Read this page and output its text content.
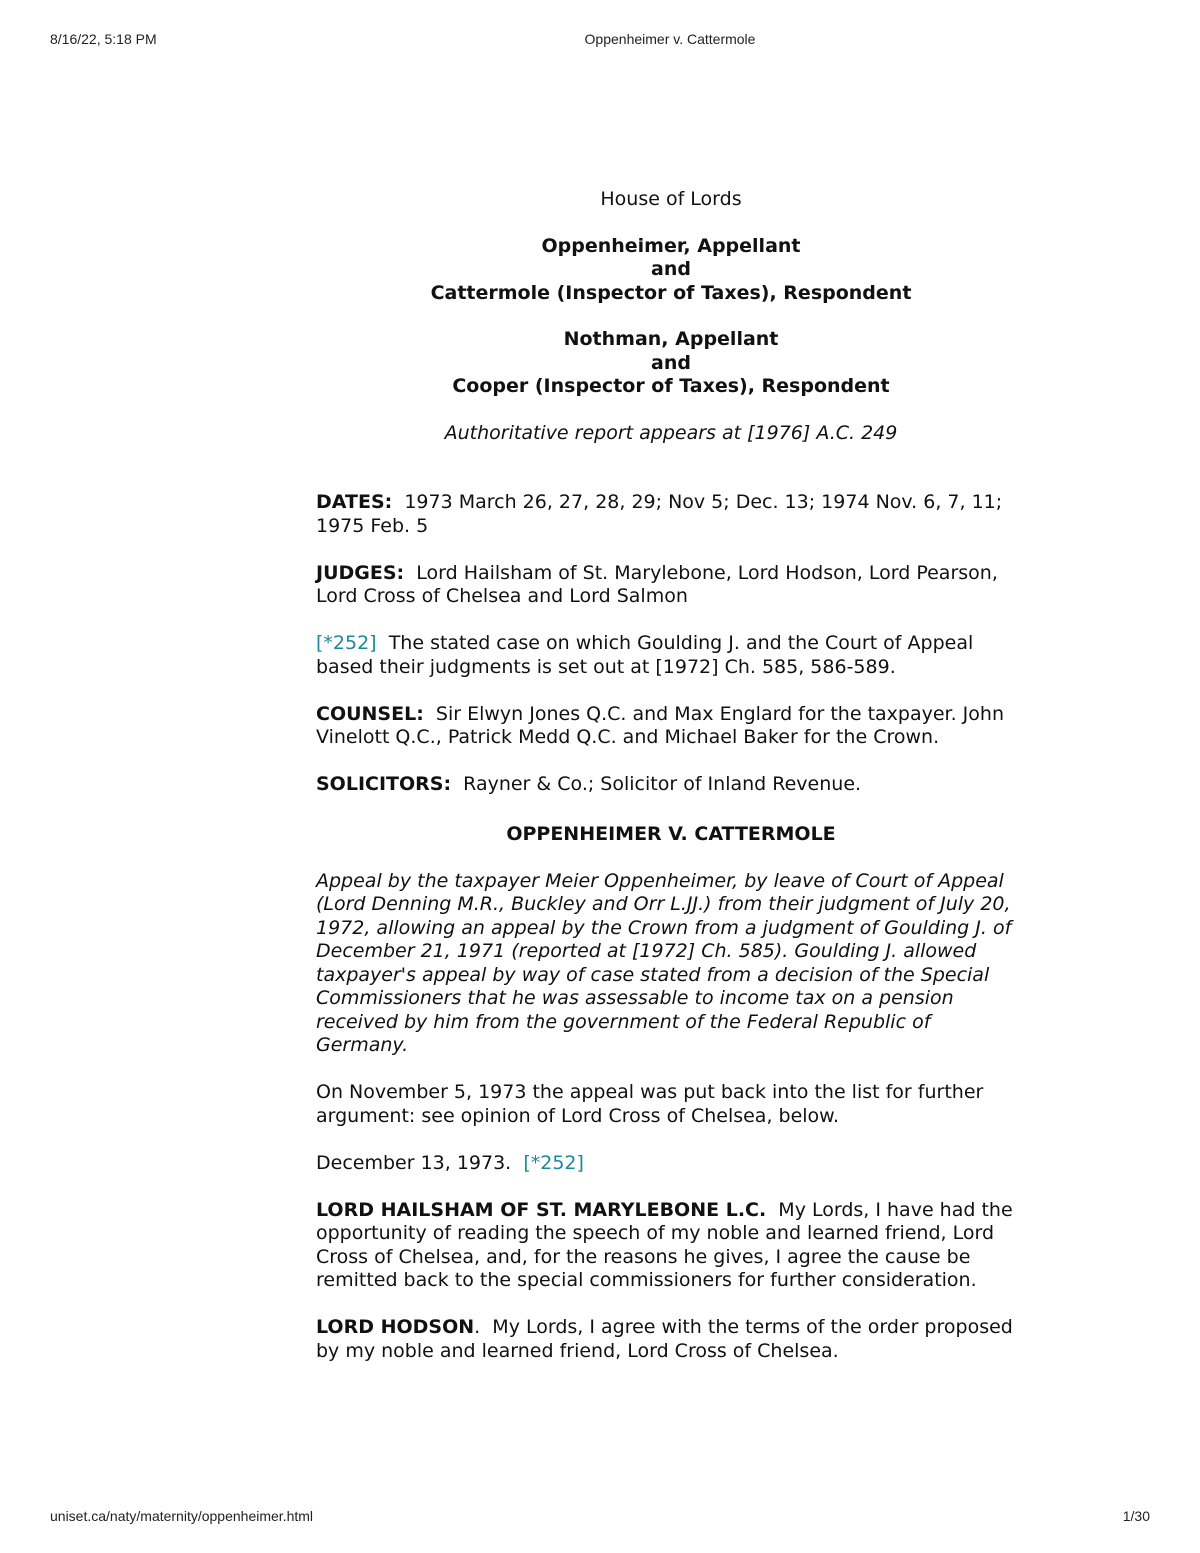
8/16/22, 5:18 PM	Oppenheimer v. Cattermole
House of Lords
Oppenheimer, Appellant
and
Cattermole (Inspector of Taxes), Respondent
Nothman, Appellant
and
Cooper (Inspector of Taxes), Respondent
Authoritative report appears at [1976] A.C. 249

DATES: 1973 March 26, 27, 28, 29; Nov 5; Dec. 13; 1974 Nov. 6, 7, 11; 1975 Feb. 5

JUDGES: Lord Hailsham of St. Marylebone, Lord Hodson, Lord Pearson, Lord Cross of Chelsea and Lord Salmon

[*252] The stated case on which Goulding J. and the Court of Appeal based their judgments is set out at [1972] Ch. 585, 586-589.

COUNSEL: Sir Elwyn Jones Q.C. and Max Englard for the taxpayer. John Vinelott Q.C., Patrick Medd Q.C. and Michael Baker for the Crown.

SOLICITORS: Rayner & Co.; Solicitor of Inland Revenue.

OPPENHEIMER V. CATTERMOLE

Appeal by the taxpayer Meier Oppenheimer, by leave of Court of Appeal (Lord Denning M.R., Buckley and Orr L.JJ.) from their judgment of July 20, 1972, allowing an appeal by the Crown from a judgment of Goulding J. of December 21, 1971 (reported at [1972] Ch. 585). Goulding J. allowed taxpayer's appeal by way of case stated from a decision of the Special Commissioners that he was assessable to income tax on a pension received by him from the government of the Federal Republic of Germany.

On November 5, 1973 the appeal was put back into the list for further argument: see opinion of Lord Cross of Chelsea, below.

December 13, 1973. [*252]

LORD HAILSHAM OF ST. MARYLEBONE L.C. My Lords, I have had the opportunity of reading the speech of my noble and learned friend, Lord Cross of Chelsea, and, for the reasons he gives, I agree the cause be remitted back to the special commissioners for further consideration.

LORD HODSON.  My Lords, I agree with the terms of the order proposed by my noble and learned friend, Lord Cross of Chelsea.

uniset.ca/naty/maternity/oppenheimer.html	1/30
